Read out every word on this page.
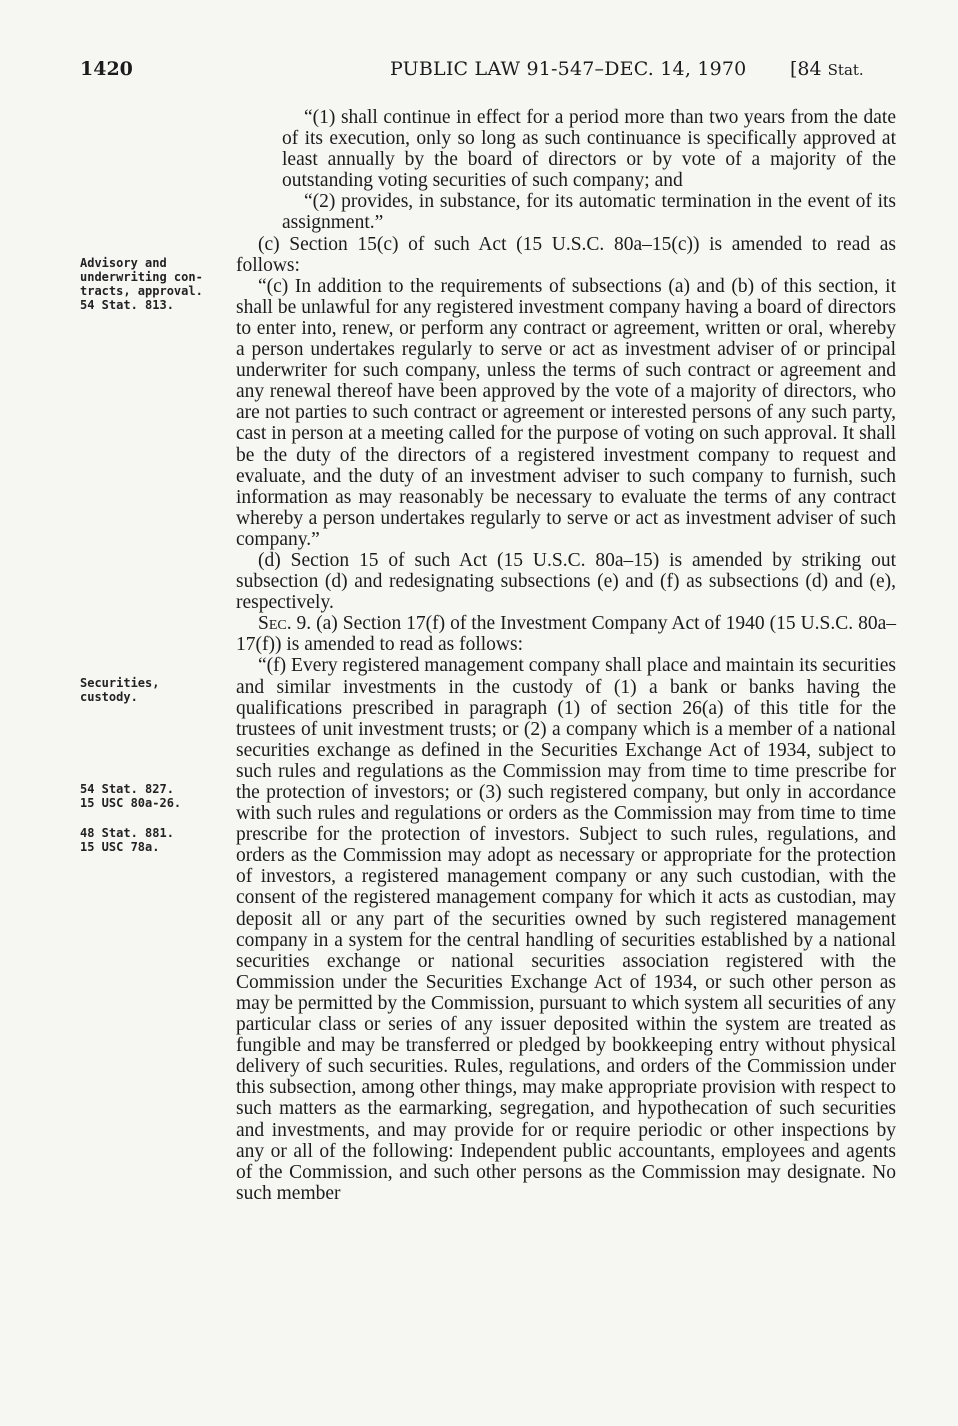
1420	PUBLIC LAW 91-547–DEC. 14, 1970 [84 Stat.
Advisory and
underwriting con-
tracts, approval.
54 Stat. 813.
Securities,
custody.
54 Stat. 827.
15 USC 80a-26.
48 Stat. 881.
15 USC 78a.

“(1) shall continue in effect for a period more than two years from the date of its execution, only so long as such continuance is specifically approved at least annually by the board of directors or by vote of a majority of the outstanding voting securities of such company; and

“(2) provides, in substance, for its automatic termination in the event of its assignment.”

(c) Section 15(c) of such Act (15 U.S.C. 80a–15(c)) is amended to read as follows:

“(c) In addition to the requirements of subsections (a) and (b) of this section, it shall be unlawful for any registered investment company having a board of directors to enter into, renew, or perform any contract or agreement, written or oral, whereby a person undertakes regularly to serve or act as investment adviser of or principal underwriter for such company, unless the terms of such contract or agreement and any renewal thereof have been approved by the vote of a majority of directors, who are not parties to such contract or agreement or interested persons of any such party, cast in person at a meeting called for the purpose of voting on such approval. It shall be the duty of the directors of a registered investment company to request and evaluate, and the duty of an investment adviser to such company to furnish, such information as may reasonably be necessary to evaluate the terms of any contract whereby a person undertakes regularly to serve or act as investment adviser of such company.”

(d) Section 15 of such Act (15 U.S.C. 80a–15) is amended by striking out subsection (d) and redesignating subsections (e) and (f) as subsections (d) and (e), respectively.

Sec. 9. (a) Section 17(f) of the Investment Company Act of 1940 (15 U.S.C. 80a–17(f)) is amended to read as follows:

“(f) Every registered management company shall place and maintain its securities and similar investments in the custody of (1) a bank or banks having the qualifications prescribed in paragraph (1) of section 26(a) of this title for the trustees of unit investment trusts; or (2) a company which is a member of a national securities exchange as defined in the Securities Exchange Act of 1934, subject to such rules and regulations as the Commission may from time to time prescribe for the protection of investors; or (3) such registered company, but only in accordance with such rules and regulations or orders as the Commission may from time to time prescribe for the protection of investors. Subject to such rules, regulations, and orders as the Commission may adopt as necessary or appropriate for the protection of investors, a registered management company or any such custodian, with the consent of the registered management company for which it acts as custodian, may deposit all or any part of the securities owned by such registered management company in a system for the central handling of securities established by a national securities exchange or national securities association registered with the Commission under the Securities Exchange Act of 1934, or such other person as may be permitted by the Commission, pursuant to which system all securities of any particular class or series of any issuer deposited within the system are treated as fungible and may be transferred or pledged by bookkeeping entry without physical delivery of such securities. Rules, regulations, and orders of the Commission under this subsection, among other things, may make appropriate provision with respect to such matters as the earmarking, segregation, and hypothecation of such securities and investments, and may provide for or require periodic or other inspections by any or all of the following: Independent public accountants, employees and agents of the Commission, and such other persons as the Commission may designate. No such member
